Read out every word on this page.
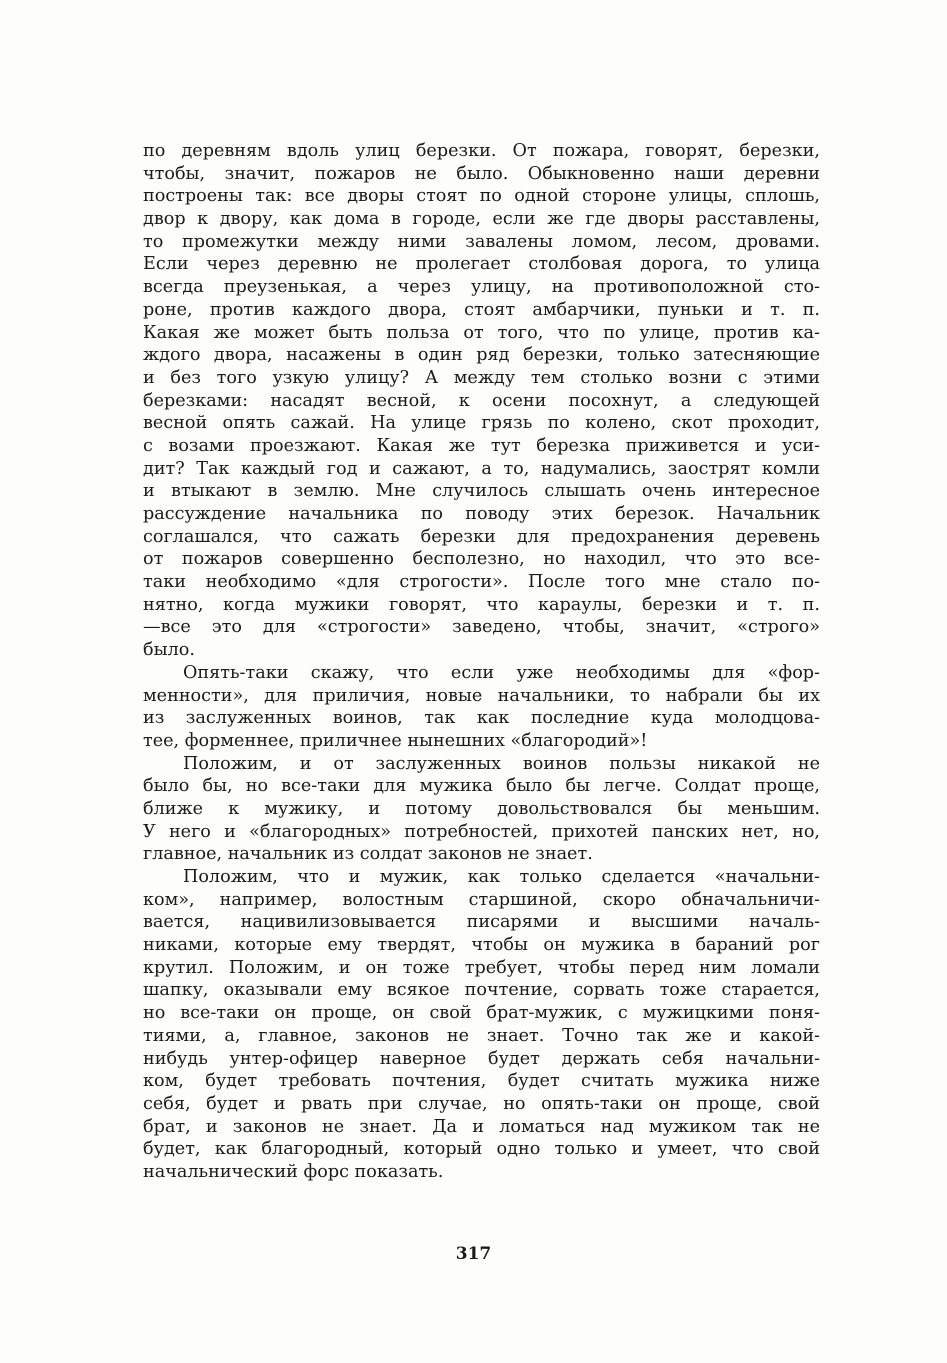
по деревням вдоль улиц березки. От пожара, говорят, березки,
чтобы, значит, пожаров не было. Обыкновенно наши деревни
построены так: все дворы стоят по одной стороне улицы, сплошь,
двор к двору, как дома в городе, если же где дворы расставлены,
то промежутки между ними завалены ломом, лесом, дровами.
Если через деревню не пролегает столбовая дорога, то улица
всегда преузенькая, а через улицу, на противоположной сто-
роне, против каждого двора, стоят амбарчики, пуньки и т. п.
Какая же может быть польза от того, что по улице, против ка-
ждого двора, насажены в один ряд березки, только затесняющие
и без того узкую улицу? А между тем столько возни с этими
березками: насадят весной, к осени посохнут, а следующей
весной опять сажай. На улице грязь по колено, скот проходит,
с возами проезжают. Какая же тут березка приживется и уси-
дит? Так каждый год и сажают, а то, надумались, заострят комли
и втыкают в землю. Мне случилось слышать очень интересное
рассуждение начальника по поводу этих березок. Начальник
соглашался, что сажать березки для предохранения деревень
от пожаров совершенно бесполезно, но находил, что это все-
таки необходимо «для строгости». После того мне стало по-
нятно, когда мужики говорят, что караулы, березки и т. п.
—все это для «строгости» заведено, чтобы, значит, «строго»
было.
Опять-таки скажу, что если уже необходимы для «фор-
менности», для приличия, новые начальники, то набрали бы их
из заслуженных воинов, так как последние куда молодцова-
тее, форменнее, приличнее нынешних «благородий»!
Положим, и от заслуженных воинов пользы никакой не
было бы, но все-таки для мужика было бы легче. Солдат проще,
ближе к мужику, и потому довольствовался бы меньшим.
У него и «благородных» потребностей, прихотей панских нет, но,
главное, начальник из солдат законов не знает.
Положим, что и мужик, как только сделается «начальни-
ком», например, волостным старшиной, скоро обначальничи-
вается, нацивилизовывается писарями и высшими началь-
никами, которые ему твердят, чтобы он мужика в бараний рог
крутил. Положим, и он тоже требует, чтобы перед ним ломали
шапку, оказывали ему всякое почтение, сорвать тоже старается,
но все-таки он проще, он свой брат-мужик, с мужицкими поня-
тиями, а, главное, законов не знает. Точно так же и какой-
нибудь унтер-офицер наверное будет держать себя начальни-
ком, будет требовать почтения, будет считать мужика ниже
себя, будет и рвать при случае, но опять-таки он проще, свой
брат, и законов не знает. Да и ломаться над мужиком так не
будет, как благородный, который одно только и умеет, что свой
начальнический форс показать.
317
